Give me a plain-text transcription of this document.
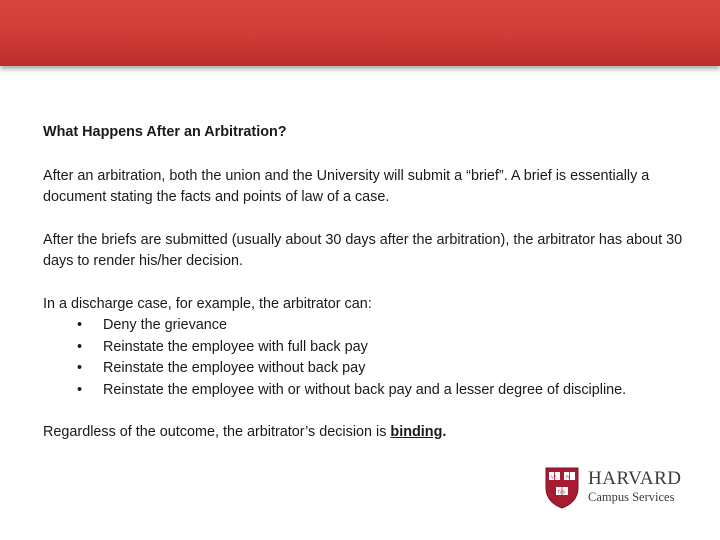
What Happens After an Arbitration?

After an arbitration, both the union and the University will submit a “brief”. A brief is essentially a document stating the facts and points of law of a case.

After the briefs are submitted (usually about 30 days after the arbitration), the arbitrator has about 30 days to render his/her decision.

In a discharge case, for example, the arbitrator can:

• Deny the grievance
• Reinstate the employee with full back pay
• Reinstate the employee without back pay
• Reinstate the employee with or without back pay and a lesser degree of discipline.

Regardless of the outcome, the arbitrator’s decision is binding.

VE RI
TAS
HARVARD
Campus Services
